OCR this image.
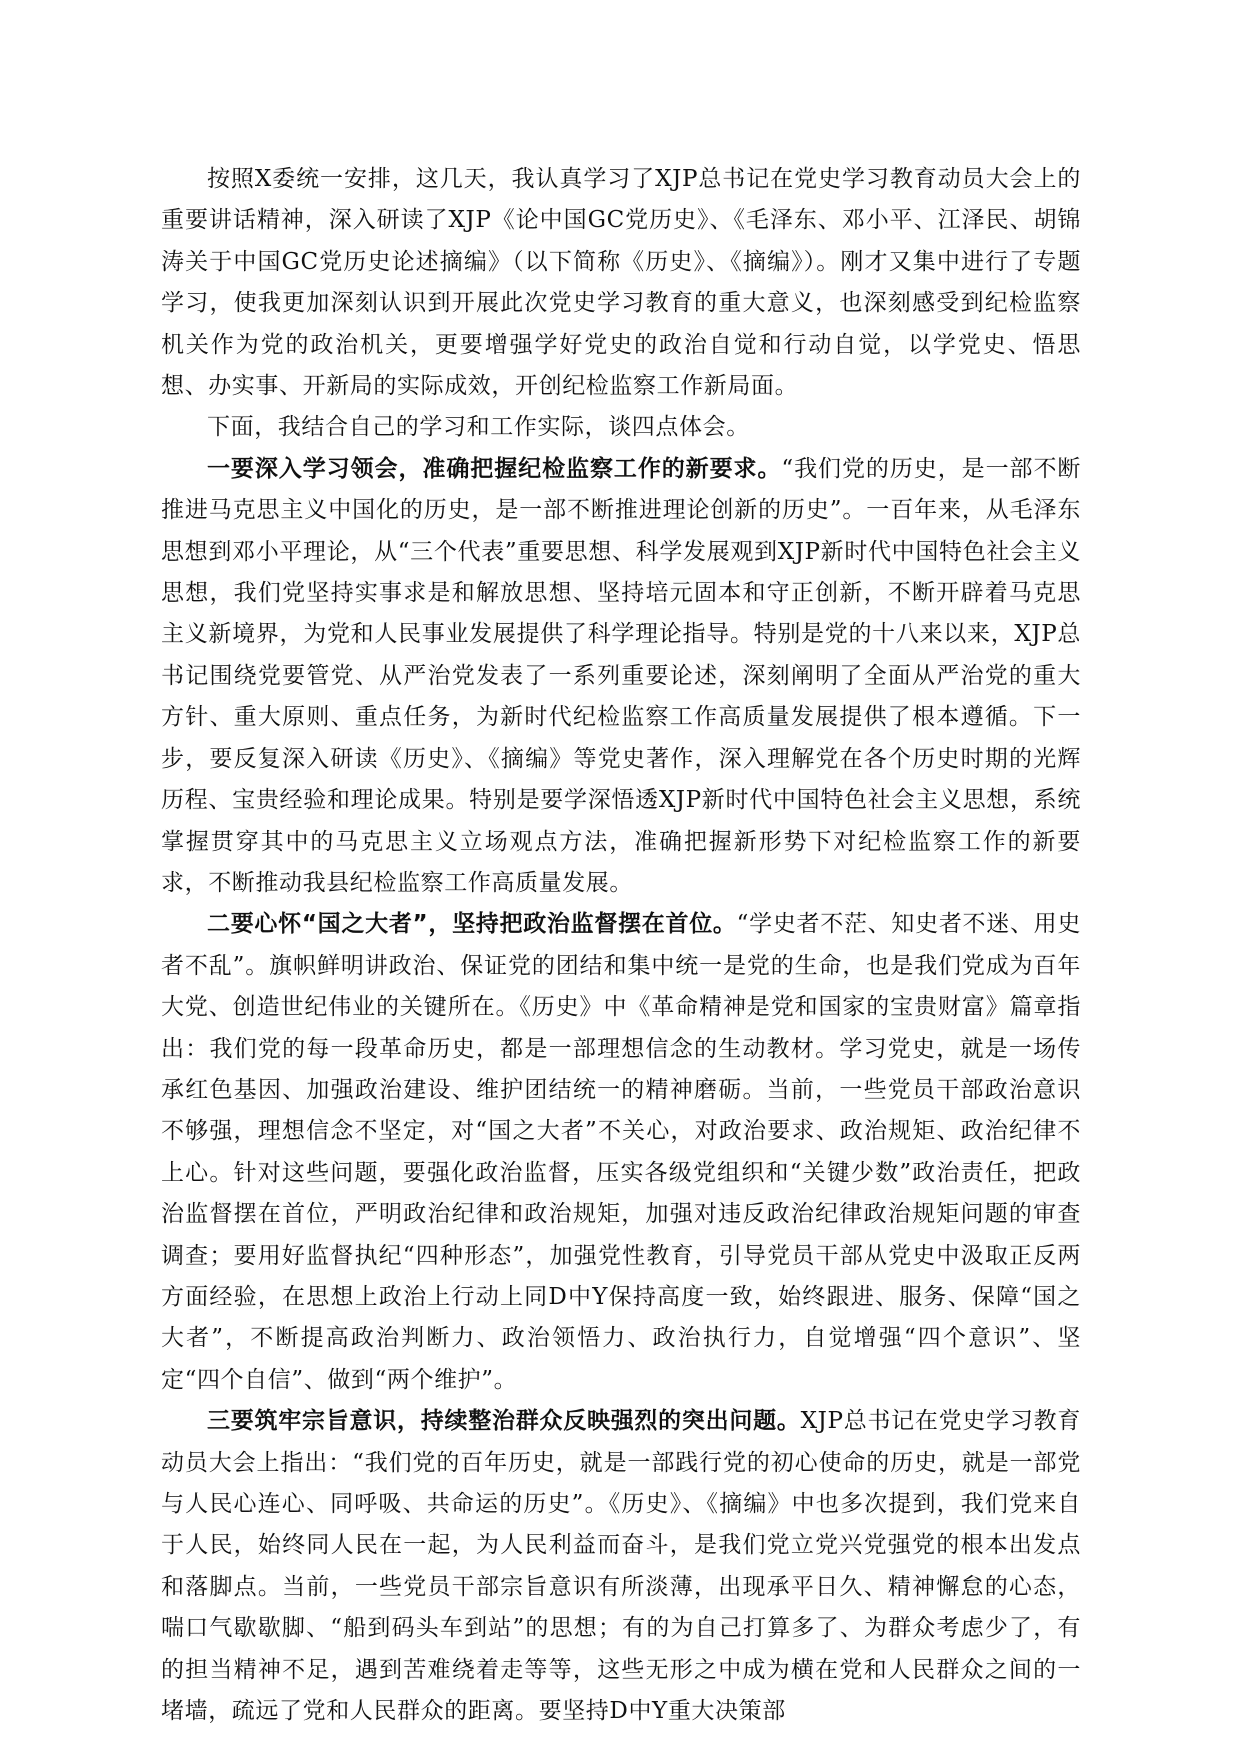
按照X委统一安排，这几天，我认真学习了XJP总书记在党史学习教育动员大会上的重要讲话精神，深入研读了XJP《论中国GC党历史》、《毛泽东、邓小平、江泽民、胡锦涛关于中国GC党历史论述摘编》（以下简称《历史》、《摘编》）。刚才又集中进行了专题学习，使我更加深刻认识到开展此次党史学习教育的重大意义，也深刻感受到纪检监察机关作为党的政治机关，更要增强学好党史的政治自觉和行动自觉，以学党史、悟思想、办实事、开新局的实际成效，开创纪检监察工作新局面。

下面，我结合自己的学习和工作实际，谈四点体会。

一要深入学习领会，准确把握纪检监察工作的新要求。“我们党的历史，是一部不断推进马克思主义中国化的历史，是一部不断推进理论创新的历史”。一百年来，从毛泽东思想到邓小平理论，从“三个代表”重要思想、科学发展观到XJP新时代中国特色社会主义思想，我们党坚持实事求是和解放思想、坚持培元固本和守正创新，不断开辟着马克思主义新境界，为党和人民事业发展提供了科学理论指导。特别是党的十八来以来，XJP总书记围绕党要管党、从严治党发表了一系列重要论述，深刻阐明了全面从严治党的重大方针、重大原则、重点任务，为新时代纪检监察工作高质量发展提供了根本遵循。下一步，要反复深入研读《历史》、《摘编》等党史著作，深入理解党在各个历史时期的光辉历程、宝贵经验和理论成果。特别是要学深悟透XJP新时代中国特色社会主义思想，系统掌握贯穿其中的马克思主义立场观点方法，准确把握新形势下对纪检监察工作的新要求，不断推动我县纪检监察工作高质量发展。

二要心怀“国之大者”，坚持把政治监督摆在首位。“学史者不茫、知史者不迷、用史者不乱”。旗帜鲜明讲政治、保证党的团结和集中统一是党的生命，也是我们党成为百年大党、创造世纪伟业的关键所在。《历史》中《革命精神是党和国家的宝贵财富》篇章指出：我们党的每一段革命历史，都是一部理想信念的生动教材。学习党史，就是一场传承红色基因、加强政治建设、维护团结统一的精神磨砺。当前，一些党员干部政治意识不够强，理想信念不坚定，对“国之大者”不关心，对政治要求、政治规矩、政治纪律不上心。针对这些问题，要强化政治监督，压实各级党组织和“关键少数”政治责任，把政治监督摆在首位，严明政治纪律和政治规矩，加强对违反政治纪律政治规矩问题的审查调查；要用好监督执纪“四种形态”，加强党性教育，引导党员干部从党史中汲取正反两方面经验，在思想上政治上行动上同D中Y保持高度一致，始终跟进、服务、保障“国之大者”，不断提高政治判断力、政治领悟力、政治执行力，自觉增强“四个意识”、坚定“四个自信”、做到“两个维护”。

三要筑牢宗旨意识，持续整治群众反映强烈的突出问题。XJP总书记在党史学习教育动员大会上指出：“我们党的百年历史，就是一部践行党的初心使命的历史，就是一部党与人民心连心、同呼吸、共命运的历史”。《历史》、《摘编》中也多次提到，我们党来自于人民，始终同人民在一起，为人民利益而奋斗，是我们党立党兴党强党的根本出发点和落脚点。当前，一些党员干部宗旨意识有所淡薄，出现承平日久、精神懈怠的心态，喘口气歇歇脚、“船到码头车到站”的思想；有的为自己打算多了、为群众考虑少了，有的担当精神不足，遇到苦难绕着走等等，这些无形之中成为横在党和人民群众之间的一堵墙，疏远了党和人民群众的距离。要坚持D中Y重大决策部
